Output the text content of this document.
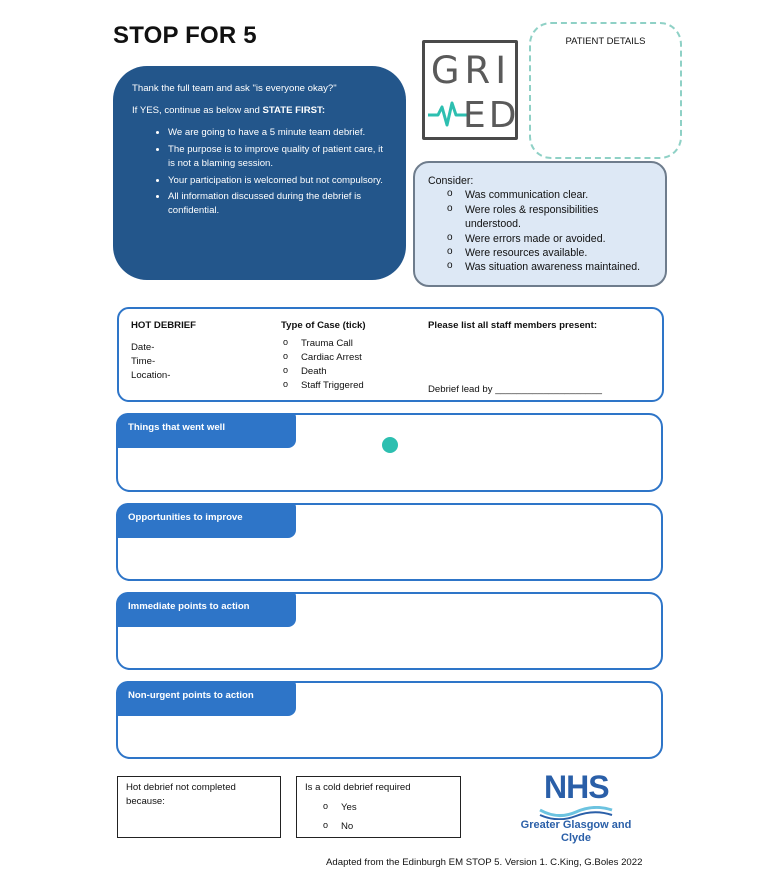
STOP FOR 5

Thank the full team and ask "is everyone okay?"

If YES, continue as below and STATE FIRST:

• We are going to have a 5 minute team debrief.
• The purpose is to improve quality of patient care, it is not a blaming session.
• Your participation is welcomed but not compulsory.
• All information discussed during the debrief is confidential.
GRI
ED
PATIENT DETAILS
Consider:
o Was communication clear.
o Were roles & responsibilities understood.
o Were errors made or avoided.
o Were resources available.
o Was situation awareness maintained.
HOT DEBRIEF
Date-
Time-
Location-
Type of Case (tick)
o Trauma Call
o Cardiac Arrest
o Death
o Staff Triggered
Please list all staff members present:
Debrief lead by ____________________
Things that went well
Opportunities to improve
Immediate points to action
Non-urgent points to action
Hot debrief not completed because:
Is a cold debrief required
o Yes
o No
NHS
Greater Glasgow and Clyde
Adapted from the Edinburgh EM STOP 5. Version 1. C.King, G.Boles 2022
